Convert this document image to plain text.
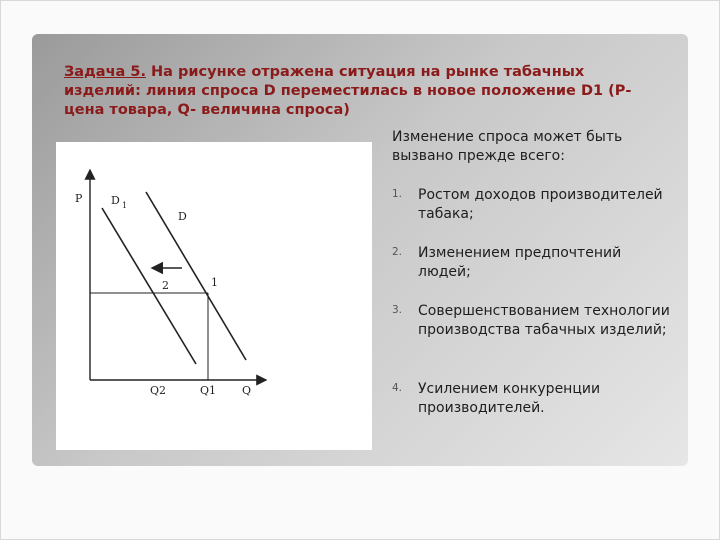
Задача 5. На рисунке отражена ситуация на рынке табачных изделий: линия спроса D переместилась в новое положение D1 (Р-цена товара, Q- величина спроса)
P
Q
D 1
D
1
2
Q1
Q2
Изменение спроса может быть вызвано прежде всего:
1. Ростом доходов производителей табака;
2. Изменением предпочтений людей;
3. Совершенствованием технологии производства табачных изделий;
4. Усилением конкуренции производителей.
